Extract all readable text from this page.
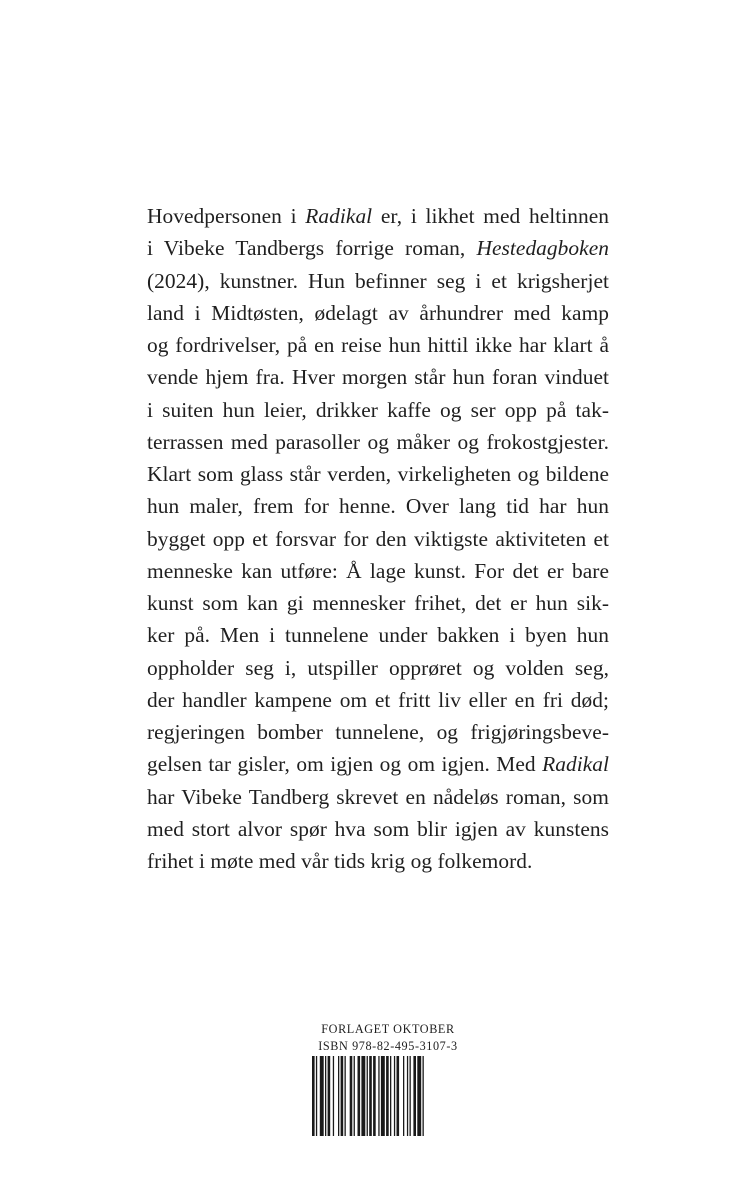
Hovedpersonen i Radikal er, i likhet med heltinnen
i Vibeke Tandbergs forrige roman, Hestedagboken
(2024), kunstner. Hun befinner seg i et krigsherjet
land i Midtøsten, ødelagt av århundrer med kamp
og fordrivelser, på en reise hun hittil ikke har klart å
vende hjem fra. Hver morgen står hun foran vinduet
i suiten hun leier, drikker kaffe og ser opp på tak-
terrassen med parasoller og måker og frokostgjester.
Klart som glass står verden, virkeligheten og bildene
hun maler, frem for henne. Over lang tid har hun
bygget opp et forsvar for den viktigste aktiviteten et
menneske kan utføre: Å lage kunst. For det er bare
kunst som kan gi mennesker frihet, det er hun sik-
ker på. Men i tunnelene under bakken i byen hun
oppholder seg i, utspiller opprøret og volden seg,
der handler kampene om et fritt liv eller en fri død;
regjeringen bomber tunnelene, og frigjøringsbeve-
gelsen tar gisler, om igjen og om igjen. Med Radikal
har Vibeke Tandberg skrevet en nådeløs roman, som
med stort alvor spør hva som blir igjen av kunstens
frihet i møte med vår tids krig og folkemord.
FORLAGET OKTOBER
ISBN 978-82-495-3107-3
